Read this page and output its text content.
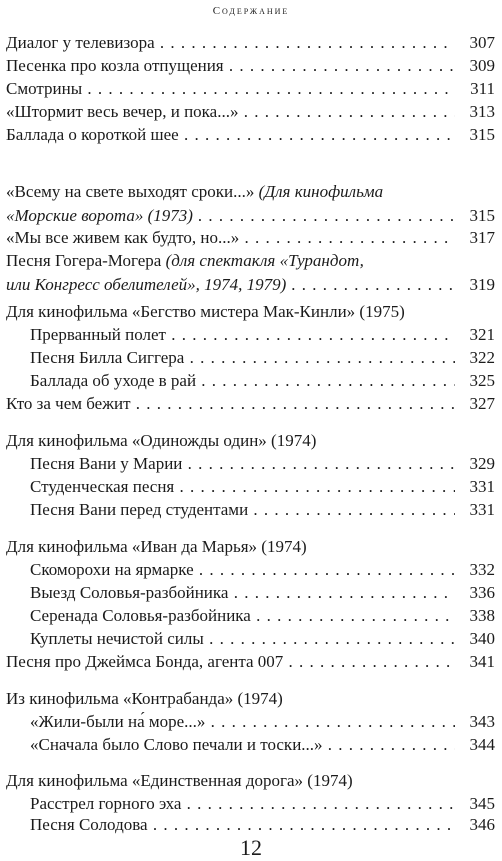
Содержание
Диалог у телевизора . . .	307
Песенка про козла отпущения . . .	309
Смотрины . . .	311
«Штормит весь вечер, и пока...» . . .	313
Баллада о короткой шее . . .	315
«Всему на свете выходят сроки...» (Для кинофильма
«Морские ворота» (1973) . . .	315
«Мы все живем как будто, но...» . . .	317
Песня Гогера-Могера (для спектакля «Турандот,
или Конгресс обелителей», 1974, 1979) . . .	319
Для кинофильма «Бегство мистера Мак-Кинли» (1975)
Прерванный полет . . .	321
Песня Билла Сиггера . . .	322
Баллада об уходе в рай . . .	325
Кто за чем бежит . . .	327
Для кинофильма «Одиножды один» (1974)
Песня Вани у Марии . . .	329
Студенческая песня . . .	331
Песня Вани перед студентами . . .	331
Для кинофильма «Иван да Марья» (1974)
Скоморохи на ярмарке . . .	332
Выезд Соловья-разбойника . . .	336
Серенада Соловья-разбойника . . .	338
Куплеты нечистой силы . . .	340
Песня про Джеймса Бонда, агента 007 . . .	341
Из кинофильма «Контрабанда» (1974)
«Жили-были на́ море...» . . .	343
«Сначала было Слово печали и тоски...» . . .	344
Для кинофильма «Единственная дорога» (1974)
Расстрел горного эха . . .	345
Песня Солодова . . .	346
12
